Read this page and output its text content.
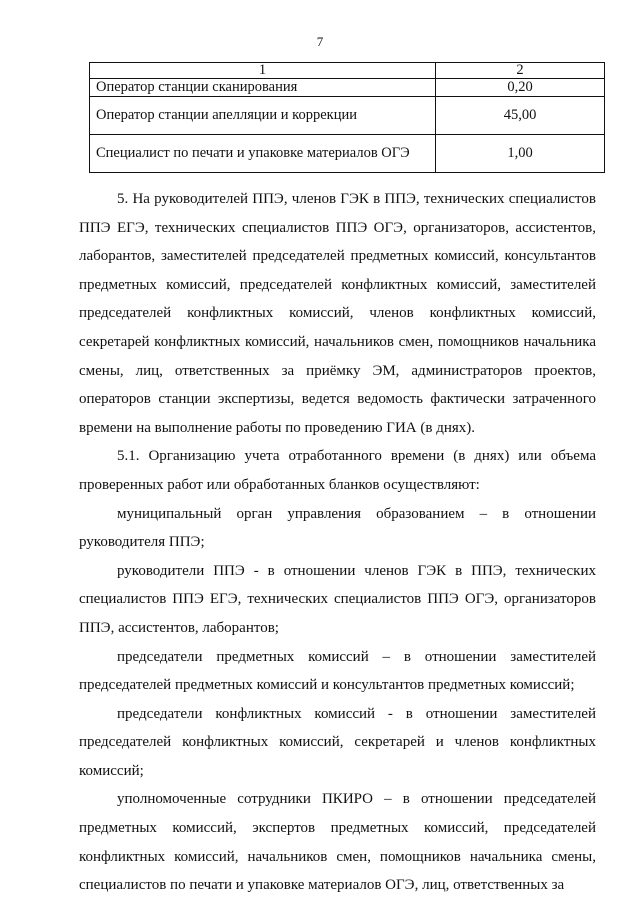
7
1	2
Оператор станции сканирования	0,20
Оператор станции апелляции и коррекции	45,00
Специалист по печати и упаковке материалов ОГЭ	1,00

5. На руководителей ППЭ, членов ГЭК в ППЭ, технических специалистов ППЭ ЕГЭ, технических специалистов ППЭ ОГЭ, организаторов, ассистентов, лаборантов, заместителей председателей предметных комиссий, консультантов предметных комиссий, председателей конфликтных комиссий, заместителей председателей конфликтных комиссий, членов конфликтных комиссий, секретарей конфликтных комиссий, начальников смен, помощников начальника смены, лиц, ответственных за приёмку ЭМ, администраторов проектов, операторов станции экспертизы, ведется ведомость фактически затраченного времени на выполнение работы по проведению ГИА (в днях).

5.1. Организацию учета отработанного времени (в днях) или объема проверенных работ или обработанных бланков осуществляют:

муниципальный орган управления образованием – в отношении руководителя ППЭ;

руководители ППЭ - в отношении членов ГЭК в ППЭ, технических специалистов ППЭ ЕГЭ, технических специалистов ППЭ ОГЭ, организаторов ППЭ, ассистентов, лаборантов;

председатели предметных комиссий – в отношении заместителей председателей предметных комиссий и консультантов предметных комиссий;

председатели конфликтных комиссий - в отношении заместителей председателей конфликтных комиссий, секретарей и членов конфликтных комиссий;

уполномоченные сотрудники ПКИРО – в отношении председателей предметных комиссий, экспертов предметных комиссий, председателей конфликтных комиссий, начальников смен, помощников начальника смены, специалистов по печати и упаковке материалов ОГЭ, лиц, ответственных за
